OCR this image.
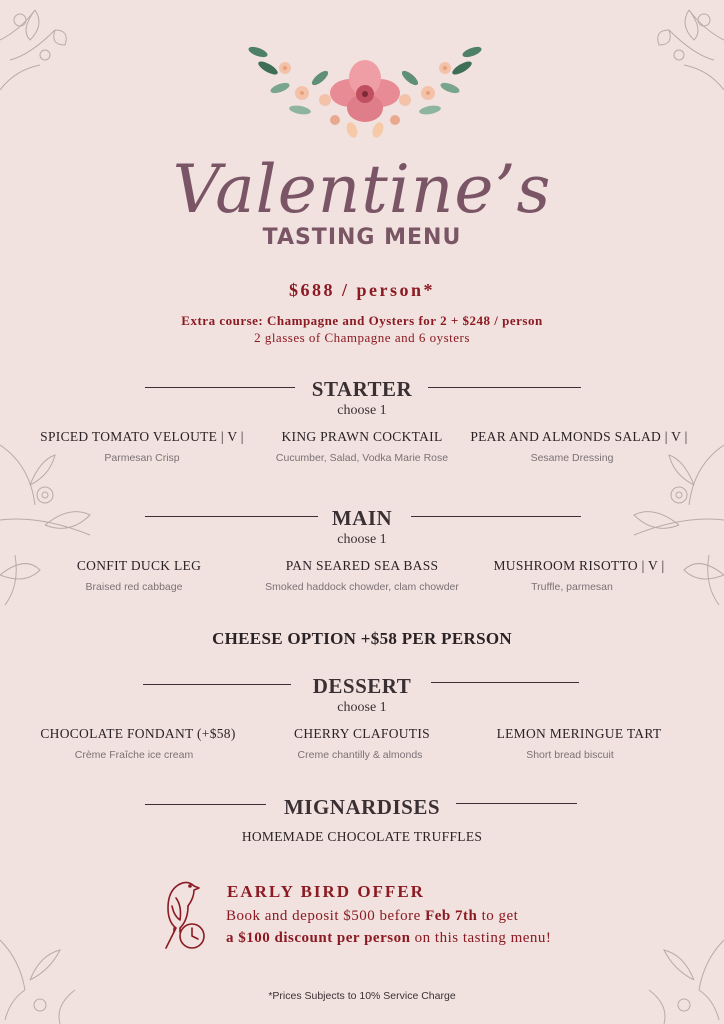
Valentine’s
TASTING MENU
$688 / person*
Extra course: Champagne and Oysters for 2 + $248 / person
2 glasses of Champagne and 6 oysters
STARTER
choose 1
SPICED TOMATO VELOUTE | V |
Parmesan Crisp
KING PRAWN COCKTAIL
Cucumber, Salad, Vodka Marie Rose
PEAR AND ALMONDS SALAD | V |
Sesame Dressing
MAIN
choose 1
CONFIT DUCK LEG
Braised red cabbage
PAN SEARED SEA BASS
Smoked haddock chowder, clam chowder
MUSHROOM RISOTTO | V |
Truffle, parmesan
CHEESE OPTION +$58 PER PERSON
DESSERT
choose 1
CHOCOLATE FONDANT (+$58)
Crème Fraîche ice cream
CHERRY CLAFOUTIS
Creme chantilly & almonds
LEMON MERINGUE TART
Short bread biscuit
MIGNARDISES
HOMEMADE CHOCOLATE TRUFFLES
EARLY BIRD OFFER
Book and deposit $500 before Feb 7th to get
a $100 discount per person on this tasting menu!
*Prices Subjects to 10% Service Charge
